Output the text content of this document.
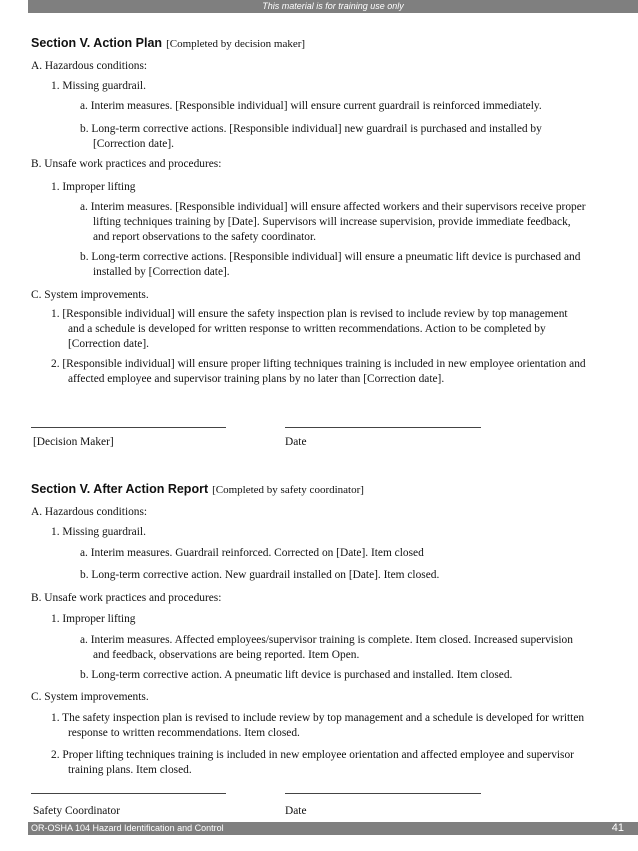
This material is for training use only
Section V. Action Plan [Completed by decision maker]
A. Hazardous conditions:
1. Missing guardrail.
a. Interim measures. [Responsible individual] will ensure current guardrail is reinforced immediately.
b. Long-term corrective actions. [Responsible individual] new guardrail is purchased and installed by
[Correction date].
B. Unsafe work practices and procedures:
1. Improper lifting
a. Interim measures. [Responsible individual] will ensure affected workers and their supervisors receive proper
lifting techniques training by [Date]. Supervisors will increase supervision, provide immediate feedback,
and report observations to the safety coordinator.
b. Long-term corrective actions. [Responsible individual] will ensure a pneumatic lift device is purchased and
installed by [Correction date].
C. System improvements.
1. [Responsible individual] will ensure the safety inspection plan is revised to include review by top management
and a schedule is developed for written response to written recommendations. Action to be completed by
[Correction date].
2. [Responsible individual] will ensure proper lifting techniques training is included in new employee orientation and
affected employee and supervisor training plans by no later than [Correction date].
[Decision Maker]	Date
Section V. After Action Report [Completed by safety coordinator]
A. Hazardous conditions:
1. Missing guardrail.
a. Interim measures. Guardrail reinforced. Corrected on [Date]. Item closed
b. Long-term corrective action. New guardrail installed on [Date]. Item closed.
B. Unsafe work practices and procedures:
1. Improper lifting
a. Interim measures. Affected employees/supervisor training is complete. Item closed. Increased supervision
and feedback, observations are being reported. Item Open.
b. Long-term corrective action. A pneumatic lift device is purchased and installed. Item closed.
C. System improvements.
1. The safety inspection plan is revised to include review by top management and a schedule is developed for written
response to written recommendations. Item closed.
2. Proper lifting techniques training is included in new employee orientation and affected employee and supervisor
training plans. Item closed.
Safety Coordinator	Date
OR-OSHA 104 Hazard Identification and Control	41
